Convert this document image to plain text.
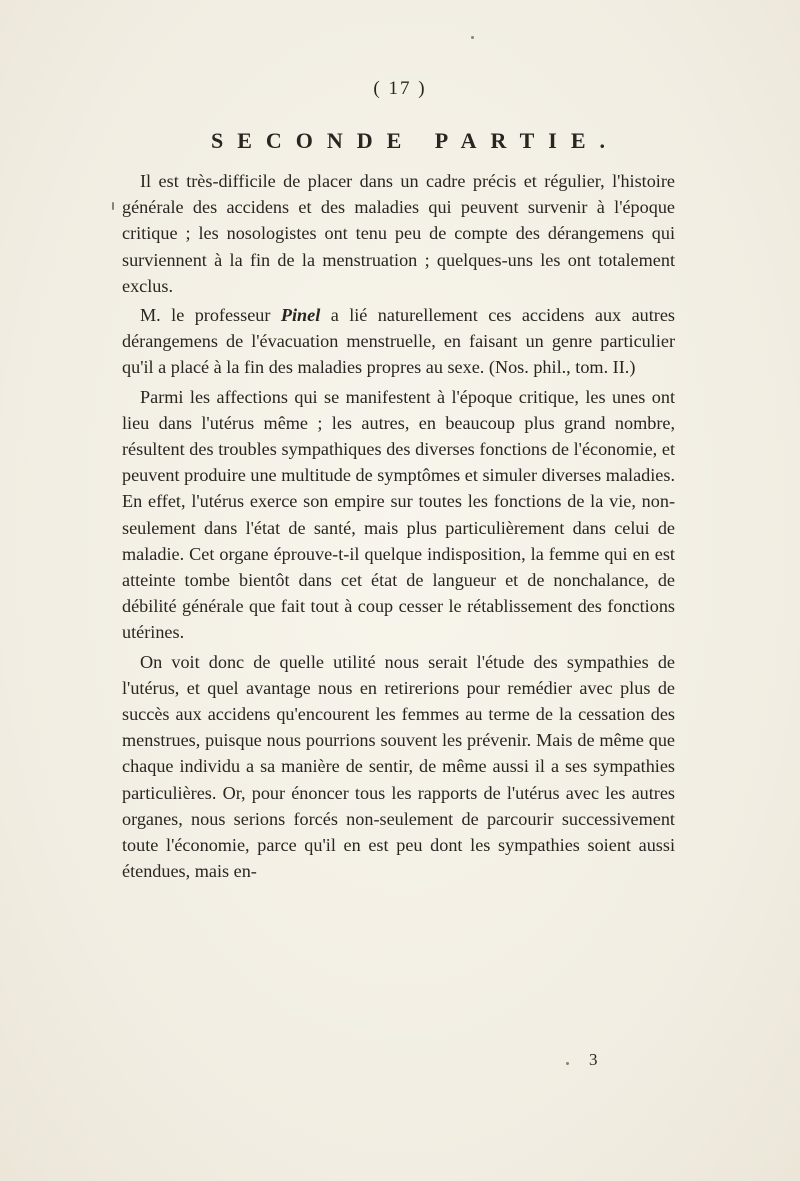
( 17 )
SECONDE PARTIE.

Il est très-difficile de placer dans un cadre précis et régulier, l'histoire générale des accidens et des maladies qui peuvent survenir à l'époque critique ; les nosologistes ont tenu peu de compte des dérangemens qui surviennent à la fin de la menstruation ; quelques-uns les ont totalement exclus.

M. le professeur Pinel a lié naturellement ces accidens aux autres dérangemens de l'évacuation menstruelle, en faisant un genre particulier qu'il a placé à la fin des maladies propres au sexe. (Nos. phil., tom. II.)

Parmi les affections qui se manifestent à l'époque critique, les unes ont lieu dans l'utérus même ; les autres, en beaucoup plus grand nombre, résultent des troubles sympathiques des diverses fonctions de l'économie, et peuvent produire une multitude de symptômes et simuler diverses maladies. En effet, l'utérus exerce son empire sur toutes les fonctions de la vie, non-seulement dans l'état de santé, mais plus particulièrement dans celui de maladie. Cet organe éprouve-t-il quelque indisposition, la femme qui en est atteinte tombe bientôt dans cet état de langueur et de nonchalance, de débilité générale que fait tout à coup cesser le rétablissement des fonctions utérines.

On voit donc de quelle utilité nous serait l'étude des sympathies de l'utérus, et quel avantage nous en retirerions pour remédier avec plus de succès aux accidens qu'encourent les femmes au terme de la cessation des menstrues, puisque nous pourrions souvent les prévenir. Mais de même que chaque individu a sa manière de sentir, de même aussi il a ses sympathies particulières. Or, pour énoncer tous les rapports de l'utérus avec les autres organes, nous serions forcés non-seulement de parcourir successivement toute l'économie, parce qu'il en est peu dont les sympathies soient aussi étendues, mais en-

3
